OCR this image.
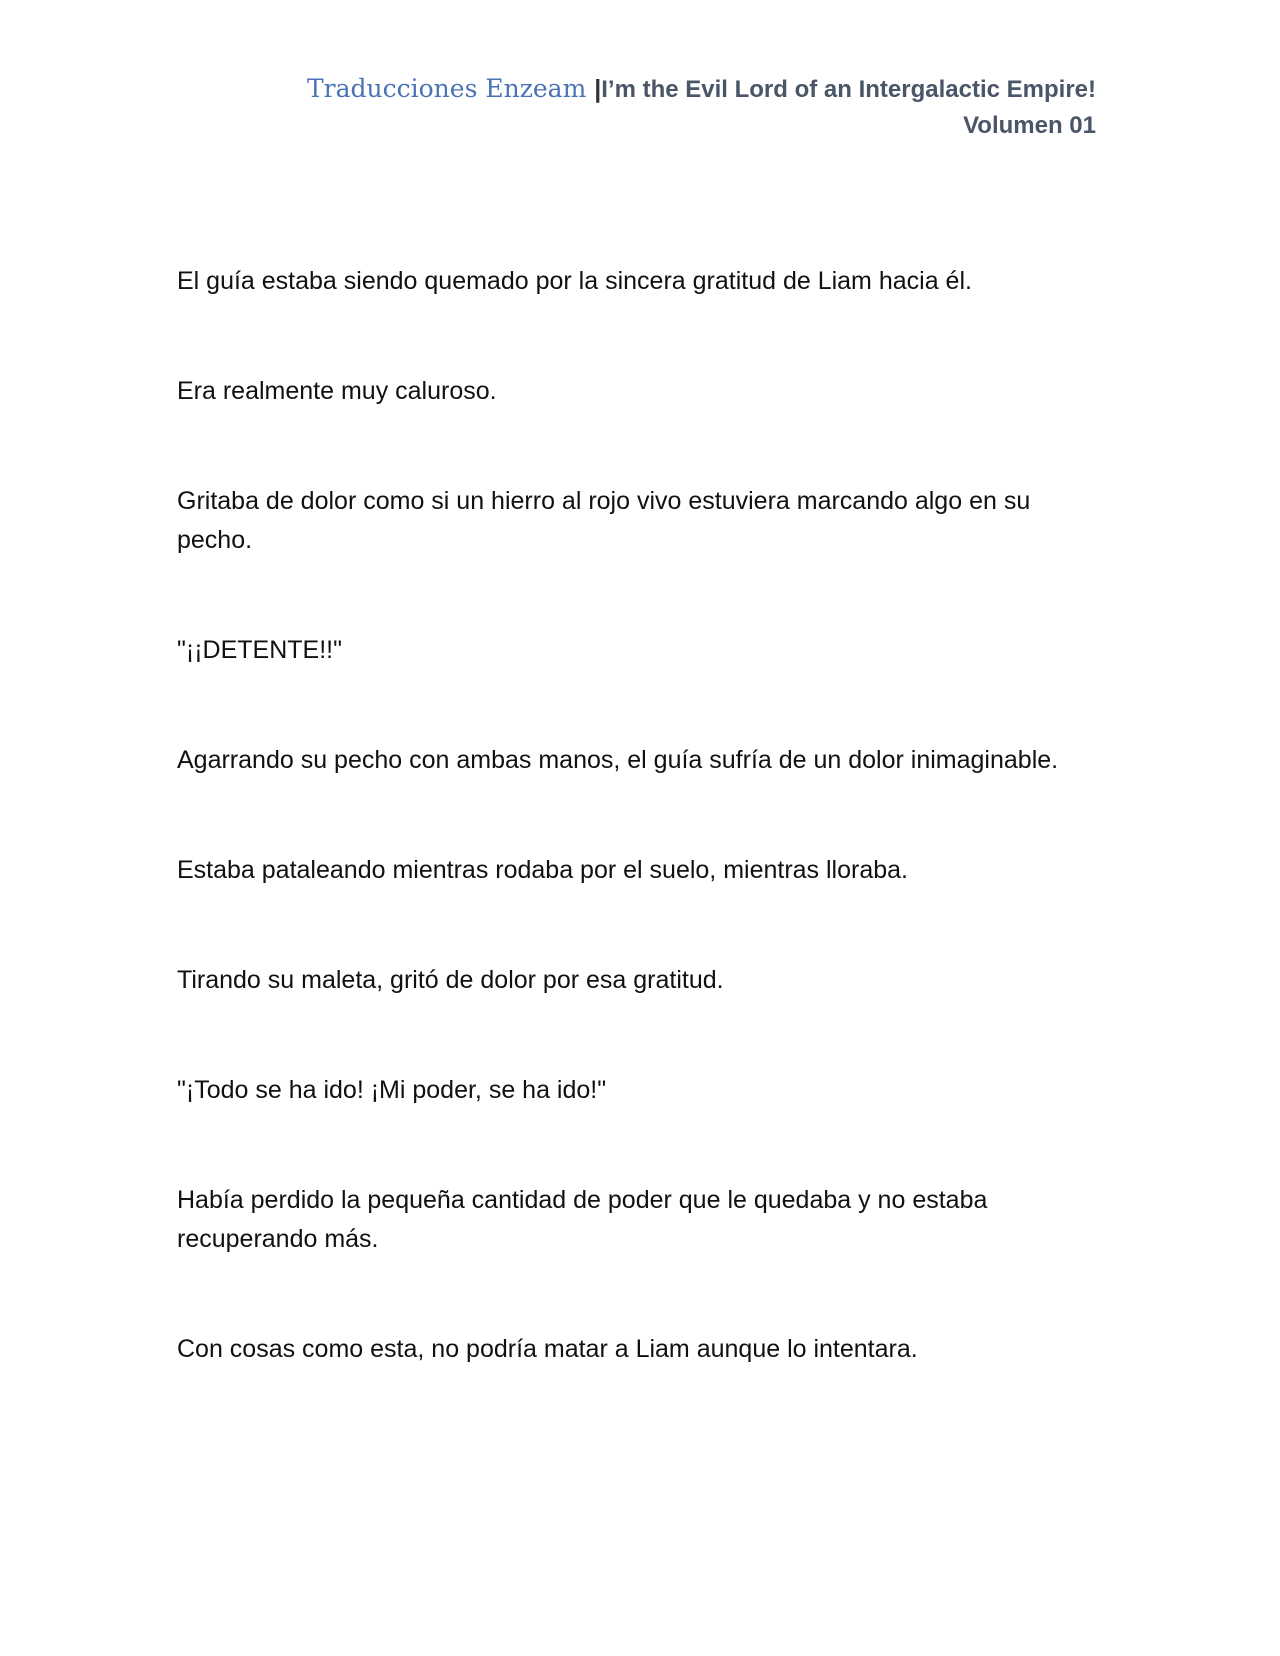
Traducciones Enzeam |I’m the Evil Lord of an Intergalactic Empire!
Volumen 01

El guía estaba siendo quemado por la sincera gratitud de Liam hacia él.

Era realmente muy caluroso.

Gritaba de dolor como si un hierro al rojo vivo estuviera marcando algo en su pecho.

"¡¡DETENTE!!"

Agarrando su pecho con ambas manos, el guía sufría de un dolor inimaginable.

Estaba pataleando mientras rodaba por el suelo, mientras lloraba.

Tirando su maleta, gritó de dolor por esa gratitud.

"¡Todo se ha ido! ¡Mi poder, se ha ido!"

Había perdido la pequeña cantidad de poder que le quedaba y no estaba recuperando más.

Con cosas como esta, no podría matar a Liam aunque lo intentara.
